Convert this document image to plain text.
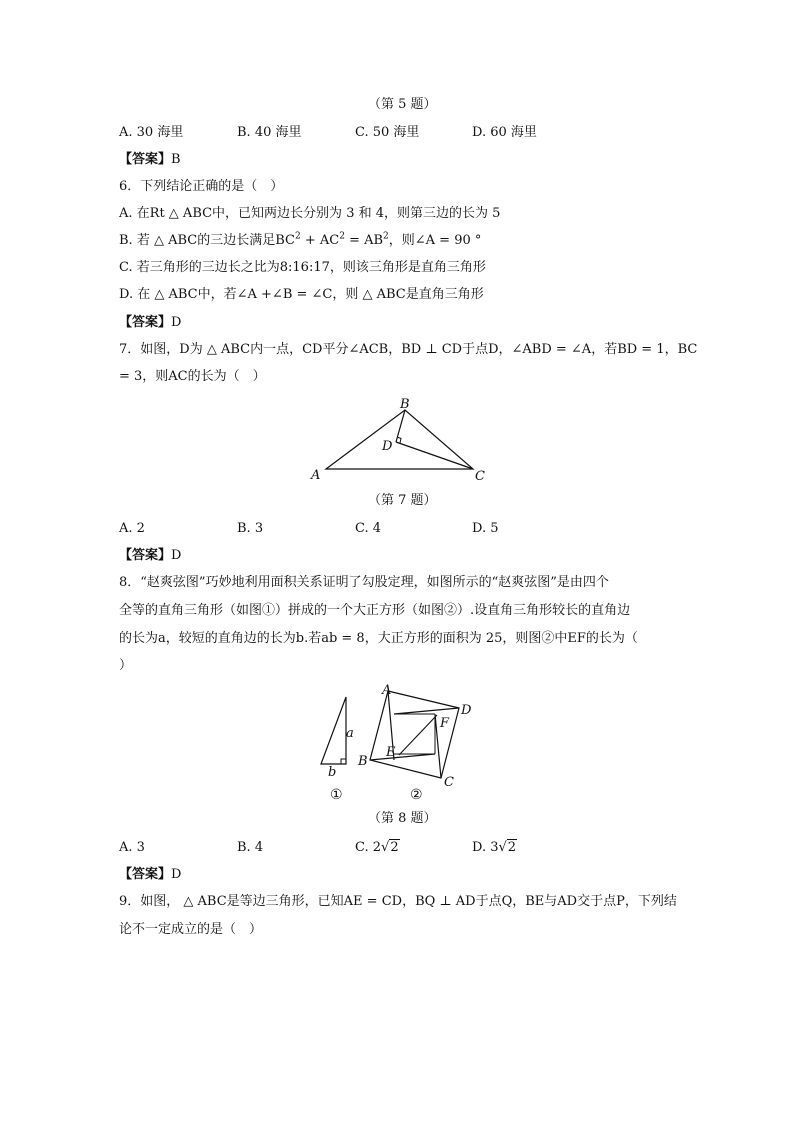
（第 5 题）
A. 30 海里	B. 40 海里	C. 50 海里	D. 60 海里
【答案】B
6．下列结论正确的是（　）
A. 在Rt △ ABC中，已知两边长分别为 3 和 4，则第三边的长为 5
B. 若 △ ABC的三边长满足$BC^2 + AC^2 = AB^2$，则∠A = 90 °
C. 若三角形的三边长之比为8:16:17，则该三角形是直角三角形
D. 在 △ ABC中，若∠A +∠B = ∠C，则 △ ABC是直角三角形
【答案】D
7．如图，D为 △ ABC内一点，CD平分∠ACB，BD ⊥ CD于点D，∠ABD = ∠A，若BD = 1，BC
= 3，则AC的长为（　）
B
D
A	C
（第 7 题）
A. 2	B. 3	C. 4	D. 5
【答案】D
8．“赵爽弦图”巧妙地利用面积关系证明了勾股定理，如图所示的“赵爽弦图”是由四个
全等的直角三角形（如图①）拼成的一个大正方形（如图②）.设直角三角形较长的直角边
的长为a，较短的直角边的长为b.若ab = 8，大正方形的面积为 25，则图②中EF的长为（
）
a
b
①
A
D
F
E
B
C
②
（第 8 题）
A. 3	B. 4	C. 2√2	D. 3√2
【答案】D
9．如图， △ ABC是等边三角形，已知AE = CD，BQ ⊥ AD于点Q，BE与AD交于点P，下列结
论不一定成立的是（　）
